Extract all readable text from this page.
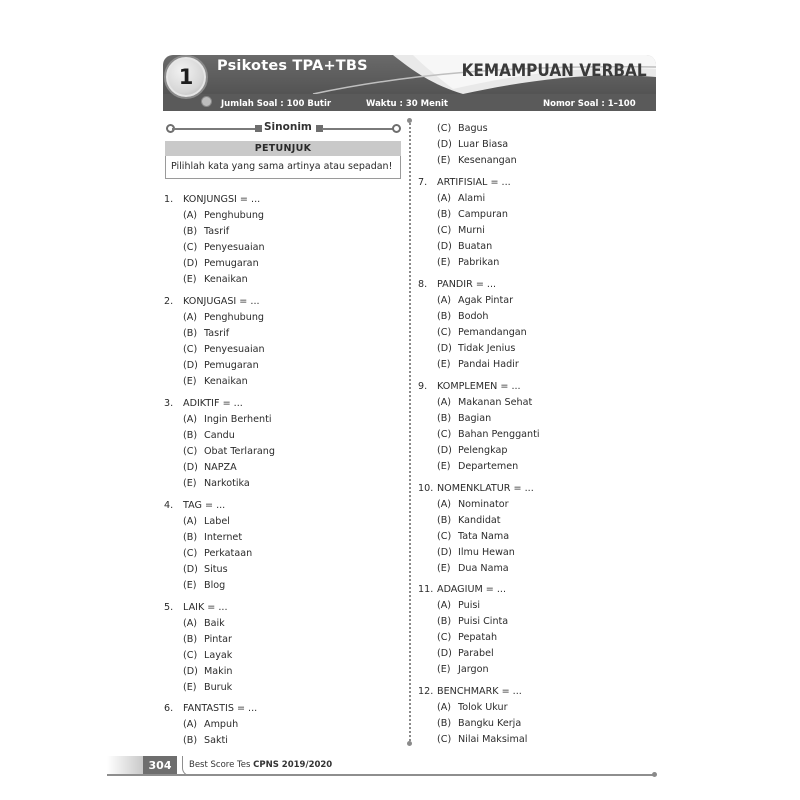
Psikotes TPA+TBS	KEMAMPUAN VERBAL
Jumlah Soal : 100 Butir	Waktu : 30 Menit	Nomor Soal : 1–100
1
Sinonim
PETUNJUK
Pilihlah kata yang sama artinya atau sepadan!
1. KONJUNGSI = ...
(A) Penghubung
(B) Tasrif
(C) Penyesuaian
(D) Pemugaran
(E) Kenaikan
2. KONJUGASI = ...
(A) Penghubung
(B) Tasrif
(C) Penyesuaian
(D) Pemugaran
(E) Kenaikan
3. ADIKTIF = ...
(A) Ingin Berhenti
(B) Candu
(C) Obat Terlarang
(D) NAPZA
(E) Narkotika
4. TAG = ...
(A) Label
(B) Internet
(C) Perkataan
(D) Situs
(E) Blog
5. LAIK = ...
(A) Baik
(B) Pintar
(C) Layak
(D) Makin
(E) Buruk
6. FANTASTIS = ...
(A) Ampuh
(B) Sakti
(C) Bagus
(D) Luar Biasa
(E) Kesenangan
7. ARTIFISIAL = ...
(A) Alami
(B) Campuran
(C) Murni
(D) Buatan
(E) Pabrikan
8. PANDIR = ...
(A) Agak Pintar
(B) Bodoh
(C) Pemandangan
(D) Tidak Jenius
(E) Pandai Hadir
9. KOMPLEMEN = ...
(A) Makanan Sehat
(B) Bagian
(C) Bahan Pengganti
(D) Pelengkap
(E) Departemen
10. NOMENKLATUR = ...
(A) Nominator
(B) Kandidat
(C) Tata Nama
(D) Ilmu Hewan
(E) Dua Nama
11. ADAGIUM = ...
(A) Puisi
(B) Puisi Cinta
(C) Pepatah
(D) Parabel
(E) Jargon
12. BENCHMARK = ...
(A) Tolok Ukur
(B) Bangku Kerja
(C) Nilai Maksimal
304	Best Score Tes CPNS 2019/2020
